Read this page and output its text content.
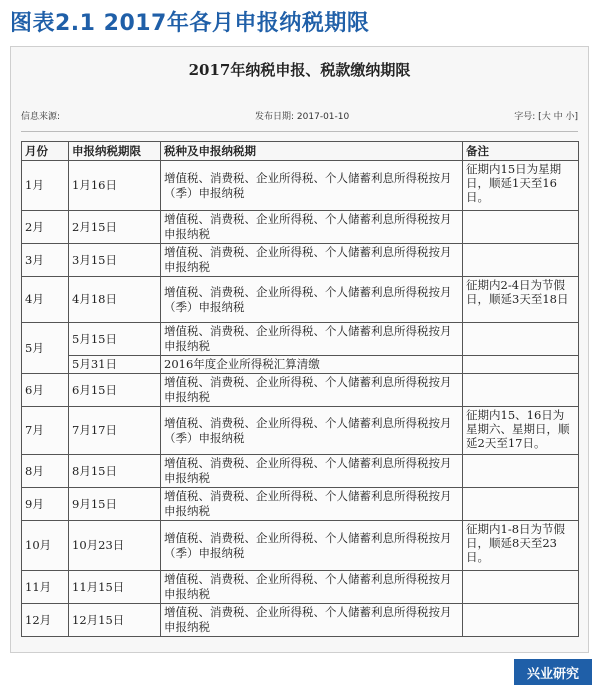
图表2.1 2017年各月申报纳税期限
2017年纳税申报、税款缴纳期限
信息来源:	发布日期: 2017-01-10	字号: [大 中 小]
月份	申报纳税期限	税种及申报纳税期	备注
1月	1月16日	增值税、消费税、企业所得税、个人储蓄利息所得税按月（季）申报纳税	征期内15日为星期日，顺延1天至16日。
2月	2月15日	增值税、消费税、企业所得税、个人储蓄利息所得税按月申报纳税	
3月	3月15日	增值税、消费税、企业所得税、个人储蓄利息所得税按月申报纳税	
4月	4月18日	增值税、消费税、企业所得税、个人储蓄利息所得税按月（季）申报纳税	征期内2-4日为节假日，顺延3天至18日
5月	5月15日	增值税、消费税、企业所得税、个人储蓄利息所得税按月申报纳税	
	5月31日	2016年度企业所得税汇算清缴	
6月	6月15日	增值税、消费税、企业所得税、个人储蓄利息所得税按月申报纳税	
7月	7月17日	增值税、消费税、企业所得税、个人储蓄利息所得税按月（季）申报纳税	征期内15、16日为星期六、星期日，顺延2天至17日。
8月	8月15日	增值税、消费税、企业所得税、个人储蓄利息所得税按月申报纳税	
9月	9月15日	增值税、消费税、企业所得税、个人储蓄利息所得税按月申报纳税	
10月	10月23日	增值税、消费税、企业所得税、个人储蓄利息所得税按月（季）申报纳税	征期内1-8日为节假日，顺延8天至23日。
11月	11月15日	增值税、消费税、企业所得税、个人储蓄利息所得税按月申报纳税	
12月	12月15日	增值税、消费税、企业所得税、个人储蓄利息所得税按月申报纳税	
兴业研究
